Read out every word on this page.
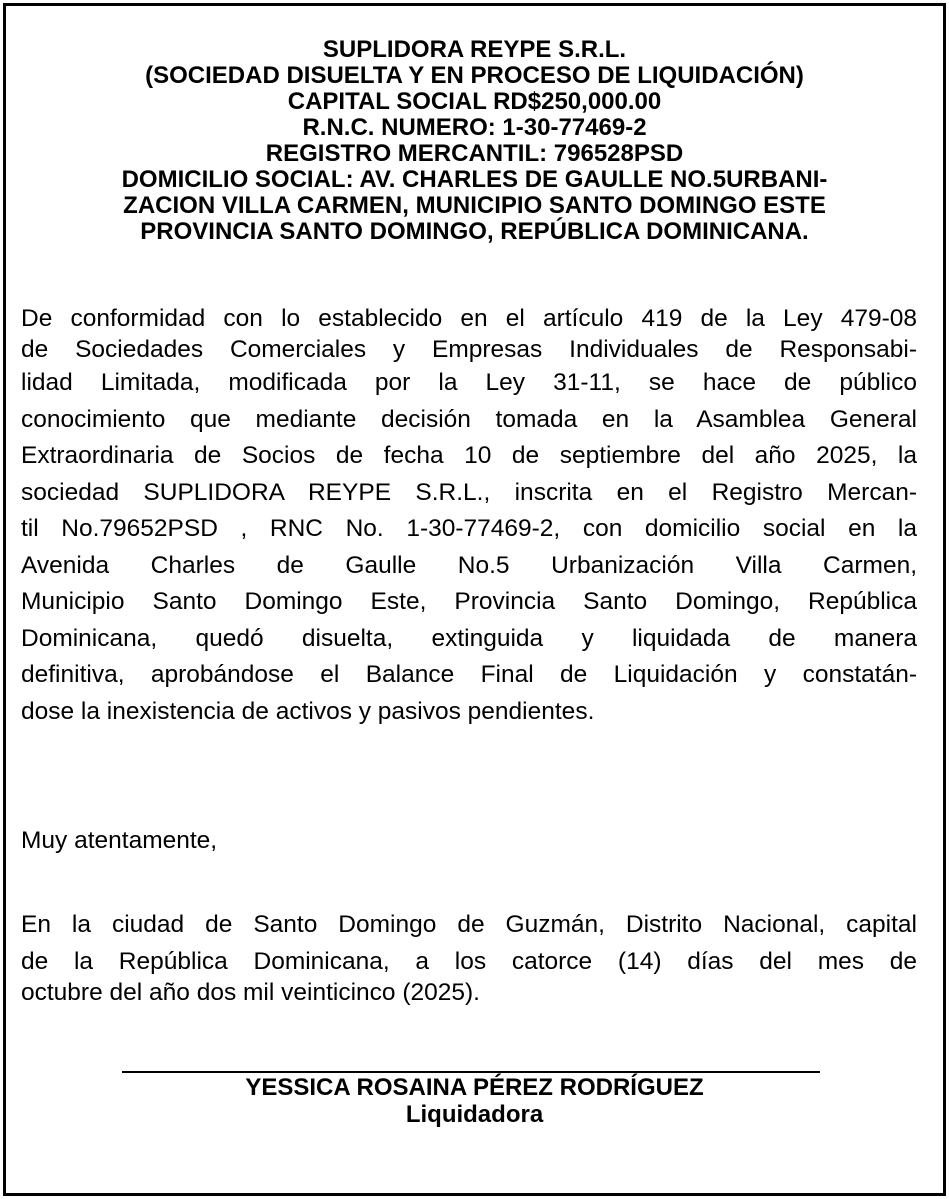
SUPLIDORA REYPE S.R.L.
(SOCIEDAD DISUELTA Y EN PROCESO DE LIQUIDACIÓN)
CAPITAL SOCIAL RD$250,000.00
R.N.C. NUMERO: 1-30-77469-2
REGISTRO MERCANTIL: 796528PSD
DOMICILIO SOCIAL: AV. CHARLES DE GAULLE NO.5URBANI-
ZACION VILLA CARMEN, MUNICIPIO SANTO DOMINGO ESTE
PROVINCIA SANTO DOMINGO, REPÚBLICA DOMINICANA.
De conformidad con lo establecido en el artículo 419 de la Ley 479-08
de Sociedades Comerciales y Empresas Individuales de Responsabi-
lidad Limitada, modificada por la Ley 31-11, se hace de público
conocimiento que mediante decisión tomada en la Asamblea General
Extraordinaria de Socios de fecha 10 de septiembre del año 2025, la
sociedad SUPLIDORA REYPE S.R.L., inscrita en el Registro Mercan-
til No.79652PSD , RNC No. 1-30-77469-2, con domicilio social en la
Avenida Charles de Gaulle No.5 Urbanización Villa Carmen,
Municipio Santo Domingo Este, Provincia Santo Domingo, República
Dominicana, quedó disuelta, extinguida y liquidada de manera
definitiva, aprobándose el Balance Final de Liquidación y constatán-
dose la inexistencia de activos y pasivos pendientes.
Muy atentamente,
En la ciudad de Santo Domingo de Guzmán, Distrito Nacional, capital
de la República Dominicana, a los catorce (14) días del mes de
octubre del año dos mil veinticinco (2025).
YESSICA ROSAINA PÉREZ RODRÍGUEZ
Liquidadora
